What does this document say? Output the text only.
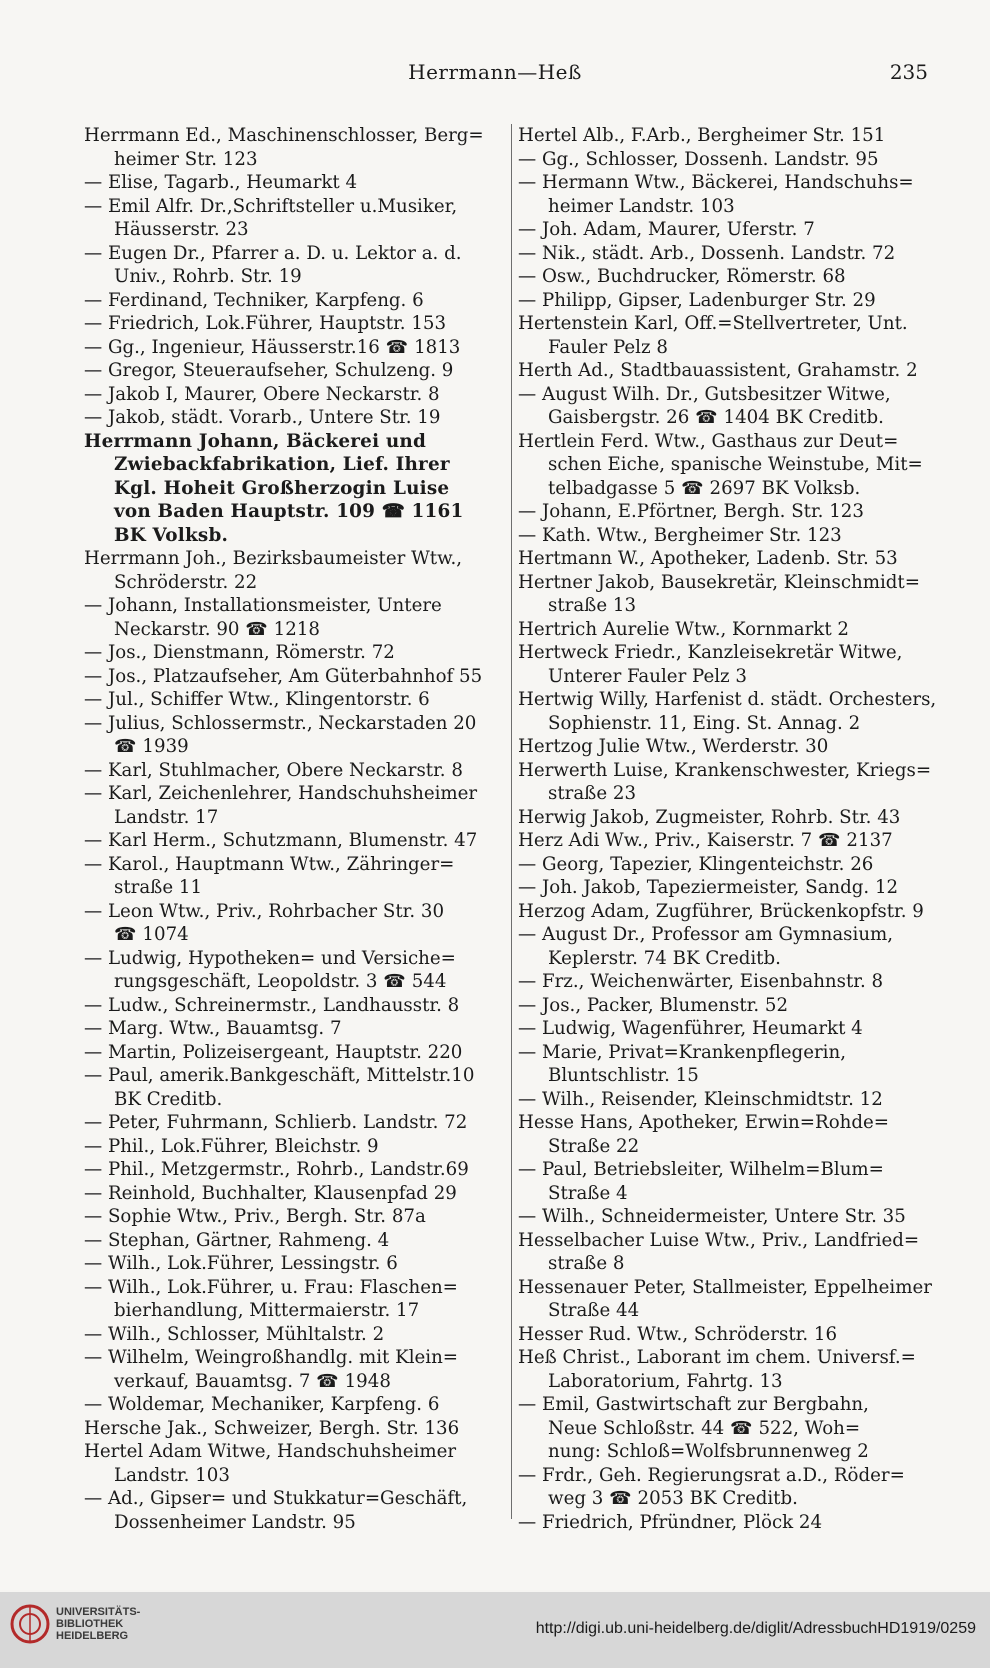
Herrmann—Heß	235
Herrmann Ed., Maschinenschlosser, Berg=
heimer Str. 123
— Elise, Tagarb., Heumarkt 4
— Emil Alfr. Dr.,Schriftsteller u.Musiker,
Häusserstr. 23
— Eugen Dr., Pfarrer a. D. u. Lektor a. d.
Univ., Rohrb. Str. 19
— Ferdinand, Techniker, Karpfeng. 6
— Friedrich, Lok.Führer, Hauptstr. 153
— Gg., Ingenieur, Häusserstr.16 ☎ 1813
— Gregor, Steueraufseher, Schulzeng. 9
— Jakob I, Maurer, Obere Neckarstr. 8
— Jakob, städt. Vorarb., Untere Str. 19
Herrmann Johann, Bäckerei und
Zwiebackfabrikation, Lief. Ihrer
Kgl. Hoheit Großherzogin Luise
von Baden Hauptstr. 109 ☎ 1161
BK Volksb.
Herrmann Joh., Bezirksbaumeister Wtw.,
Schröderstr. 22
— Johann, Installationsmeister, Untere
Neckarstr. 90 ☎ 1218
— Jos., Dienstmann, Römerstr. 72
— Jos., Platzaufseher, Am Güterbahnhof 55
— Jul., Schiffer Wtw., Klingentorstr. 6
— Julius, Schlossermstr., Neckarstaden 20
☎ 1939
— Karl, Stuhlmacher, Obere Neckarstr. 8
— Karl, Zeichenlehrer, Handschuhsheimer
Landstr. 17
— Karl Herm., Schutzmann, Blumenstr. 47
— Karol., Hauptmann Wtw., Zähringer=
straße 11
— Leon Wtw., Priv., Rohrbacher Str. 30
☎ 1074
— Ludwig, Hypotheken= und Versiche=
rungsgeschäft, Leopoldstr. 3 ☎ 544
— Ludw., Schreinermstr., Landhausstr. 8
— Marg. Wtw., Bauamtsg. 7
— Martin, Polizeisergeant, Hauptstr. 220
— Paul, amerik.Bankgeschäft, Mittelstr.10
BK Creditb.
— Peter, Fuhrmann, Schlierb. Landstr. 72
— Phil., Lok.Führer, Bleichstr. 9
— Phil., Metzgermstr., Rohrb., Landstr.69
— Reinhold, Buchhalter, Klausenpfad 29
— Sophie Wtw., Priv., Bergh. Str. 87a
— Stephan, Gärtner, Rahmeng. 4
— Wilh., Lok.Führer, Lessingstr. 6
— Wilh., Lok.Führer, u. Frau: Flaschen=
bierhandlung, Mittermaierstr. 17
— Wilh., Schlosser, Mühltalstr. 2
— Wilhelm, Weingroßhandlg. mit Klein=
verkauf, Bauamtsg. 7 ☎ 1948
— Woldemar, Mechaniker, Karpfeng. 6
Hersche Jak., Schweizer, Bergh. Str. 136
Hertel Adam Witwe, Handschuhsheimer
Landstr. 103
— Ad., Gipser= und Stukkatur=Geschäft,
Dossenheimer Landstr. 95
Hertel Alb., F.Arb., Bergheimer Str. 151
— Gg., Schlosser, Dossenh. Landstr. 95
— Hermann Wtw., Bäckerei, Handschuhs=
heimer Landstr. 103
— Joh. Adam, Maurer, Uferstr. 7
— Nik., städt. Arb., Dossenh. Landstr. 72
— Osw., Buchdrucker, Römerstr. 68
— Philipp, Gipser, Ladenburger Str. 29
Hertenstein Karl, Off.=Stellvertreter, Unt.
Fauler Pelz 8
Herth Ad., Stadtbauassistent, Grahamstr. 2
— August Wilh. Dr., Gutsbesitzer Witwe,
Gaisbergstr. 26 ☎ 1404 BK Creditb.
Hertlein Ferd. Wtw., Gasthaus zur Deut=
schen Eiche, spanische Weinstube, Mit=
telbadgasse 5 ☎ 2697 BK Volksb.
— Johann, E.Pförtner, Bergh. Str. 123
— Kath. Wtw., Bergheimer Str. 123
Hertmann W., Apotheker, Ladenb. Str. 53
Hertner Jakob, Bausekretär, Kleinschmidt=
straße 13
Hertrich Aurelie Wtw., Kornmarkt 2
Hertweck Friedr., Kanzleisekretär Witwe,
Unterer Fauler Pelz 3
Hertwig Willy, Harfenist d. städt. Orchesters,
Sophienstr. 11, Eing. St. Annag. 2
Hertzog Julie Wtw., Werderstr. 30
Herwerth Luise, Krankenschwester, Kriegs=
straße 23
Herwig Jakob, Zugmeister, Rohrb. Str. 43
Herz Adi Ww., Priv., Kaiserstr. 7 ☎ 2137
— Georg, Tapezier, Klingenteichstr. 26
— Joh. Jakob, Tapeziermeister, Sandg. 12
Herzog Adam, Zugführer, Brückenkopfstr. 9
— August Dr., Professor am Gymnasium,
Keplerstr. 74 BK Creditb.
— Frz., Weichenwärter, Eisenbahnstr. 8
— Jos., Packer, Blumenstr. 52
— Ludwig, Wagenführer, Heumarkt 4
— Marie, Privat=Krankenpflegerin,
Bluntschlistr. 15
— Wilh., Reisender, Kleinschmidtstr. 12
Hesse Hans, Apotheker, Erwin=Rohde=
Straße 22
— Paul, Betriebsleiter, Wilhelm=Blum=
Straße 4
— Wilh., Schneidermeister, Untere Str. 35
Hesselbacher Luise Wtw., Priv., Landfried=
straße 8
Hessenauer Peter, Stallmeister, Eppelheimer
Straße 44
Hesser Rud. Wtw., Schröderstr. 16
Heß Christ., Laborant im chem. Universf.=
Laboratorium, Fahrtg. 13
— Emil, Gastwirtschaft zur Bergbahn,
Neue Schloßstr. 44 ☎ 522, Woh=
nung: Schloß=Wolfsbrunnenweg 2
— Frdr., Geh. Regierungsrat a.D., Röder=
weg 3 ☎ 2053 BK Creditb.
— Friedrich, Pfründner, Plöck 24
UNIVERSITÄTS-
BIBLIOTHEK
HEIDELBERG	http://digi.ub.uni-heidelberg.de/diglit/AdressbuchHD1919/0259
